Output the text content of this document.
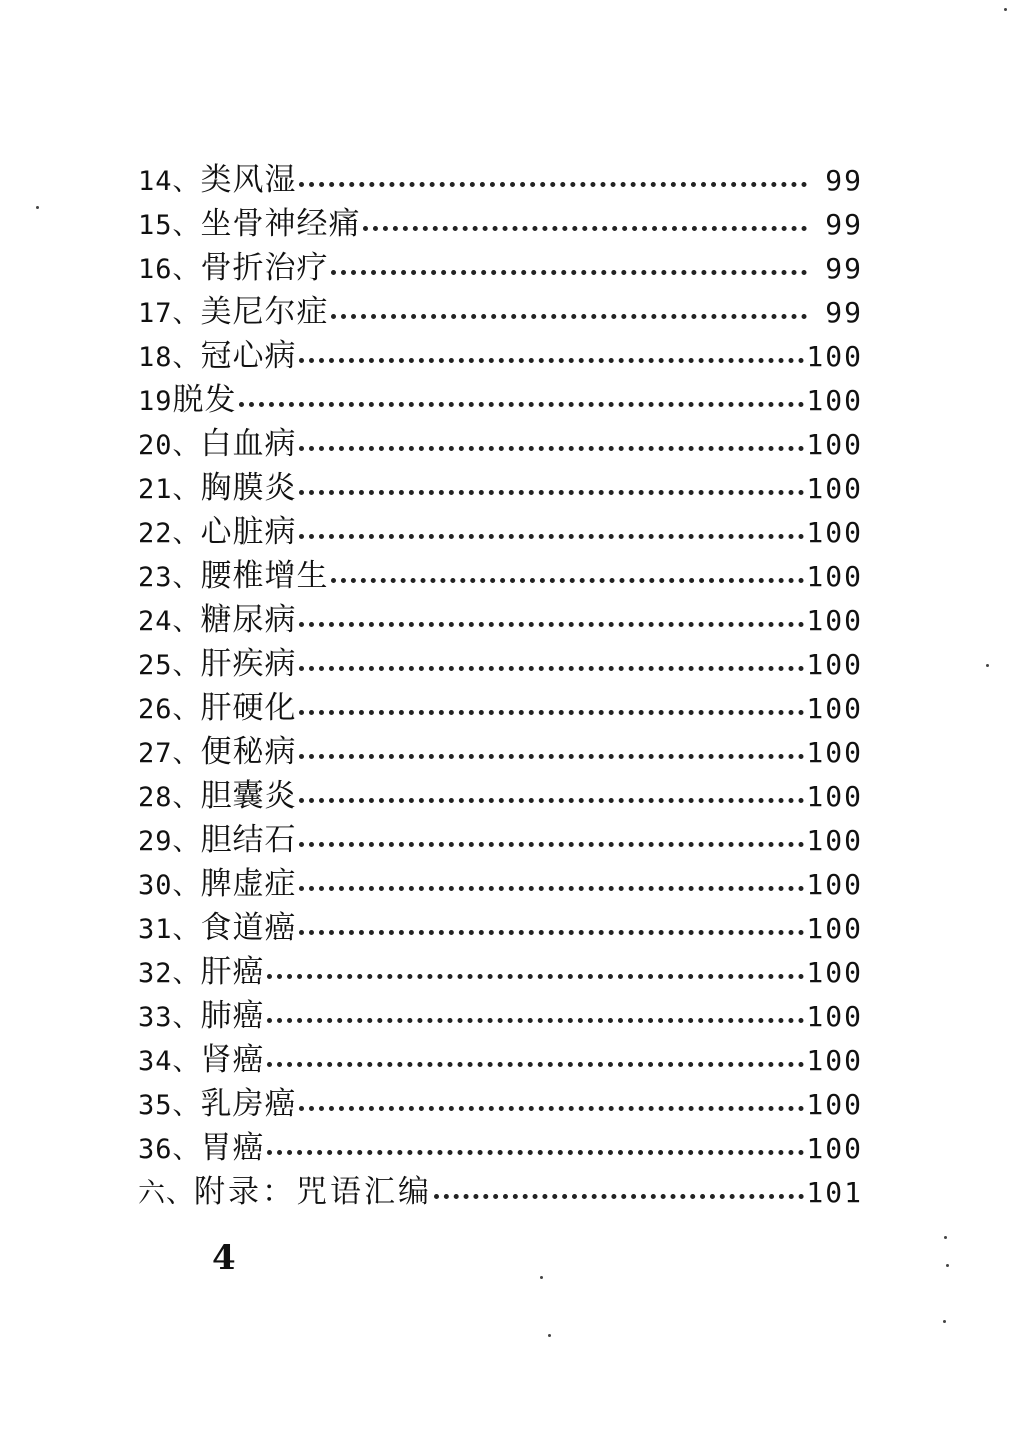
14、 类风湿	99
15、 坐骨神经痛	99
16、 骨折治疗	99
17、 美尼尔症	99
18、 冠心病	100
19 脱发	100
20、 白血病	100
21、 胸膜炎	100
22、 心脏病	100
23、 腰椎增生	100
24、 糖尿病	100
25、 肝疾病	100
26、 肝硬化	100
27、 便秘病	100
28、 胆囊炎	100
29、 胆结石	100
30、 脾虚症	100
31、 食道癌	100
32、 肝癌	100
33、 肺癌	100
34、 肾癌	100
35、 乳房癌	100
36、 胃癌	100
六、 附录：咒语汇编	101
4
